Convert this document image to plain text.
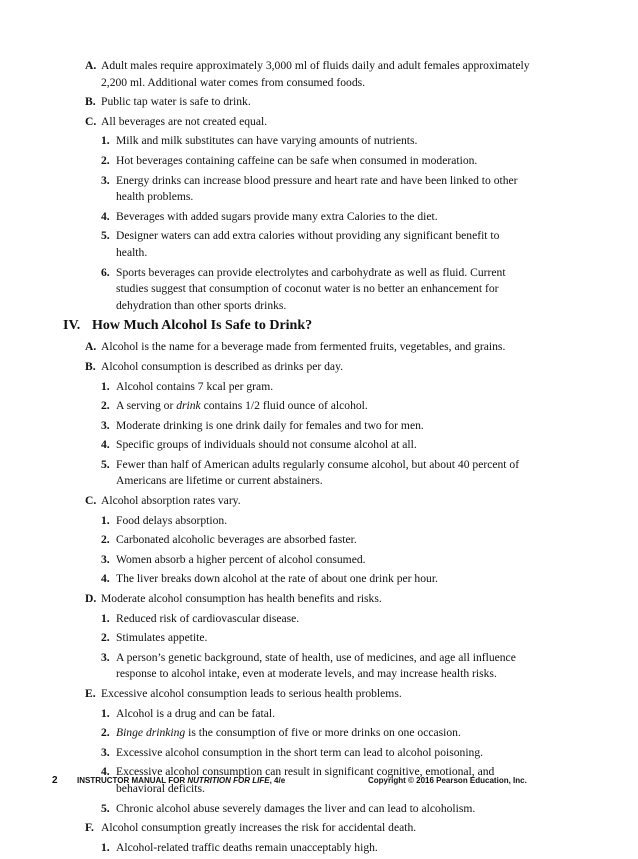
A. Adult males require approximately 3,000 ml of fluids daily and adult females approximately 2,200 ml. Additional water comes from consumed foods.
B. Public tap water is safe to drink.
C. All beverages are not created equal.
1. Milk and milk substitutes can have varying amounts of nutrients.
2. Hot beverages containing caffeine can be safe when consumed in moderation.
3. Energy drinks can increase blood pressure and heart rate and have been linked to other health problems.
4. Beverages with added sugars provide many extra Calories to the diet.
5. Designer waters can add extra calories without providing any significant benefit to health.
6. Sports beverages can provide electrolytes and carbohydrate as well as fluid. Current studies suggest that consumption of coconut water is no better an enhancement for dehydration than other sports drinks.
IV. How Much Alcohol Is Safe to Drink?
A. Alcohol is the name for a beverage made from fermented fruits, vegetables, and grains.
B. Alcohol consumption is described as drinks per day.
1. Alcohol contains 7 kcal per gram.
2. A serving or drink contains 1/2 fluid ounce of alcohol.
3. Moderate drinking is one drink daily for females and two for men.
4. Specific groups of individuals should not consume alcohol at all.
5. Fewer than half of American adults regularly consume alcohol, but about 40 percent of Americans are lifetime or current abstainers.
C. Alcohol absorption rates vary.
1. Food delays absorption.
2. Carbonated alcoholic beverages are absorbed faster.
3. Women absorb a higher percent of alcohol consumed.
4. The liver breaks down alcohol at the rate of about one drink per hour.
D. Moderate alcohol consumption has health benefits and risks.
1. Reduced risk of cardiovascular disease.
2. Stimulates appetite.
3. A person’s genetic background, state of health, use of medicines, and age all influence response to alcohol intake, even at moderate levels, and may increase health risks.
E. Excessive alcohol consumption leads to serious health problems.
1. Alcohol is a drug and can be fatal.
2. Binge drinking is the consumption of five or more drinks on one occasion.
3. Excessive alcohol consumption in the short term can lead to alcohol poisoning.
4. Excessive alcohol consumption can result in significant cognitive, emotional, and behavioral deficits.
5. Chronic alcohol abuse severely damages the liver and can lead to alcoholism.
F. Alcohol consumption greatly increases the risk for accidental death.
1. Alcohol-related traffic deaths remain unacceptably high.
2 INSTRUCTOR MANUAL FOR NUTRITION FOR LIFE, 4/e	Copyright © 2016 Pearson Education, Inc.
